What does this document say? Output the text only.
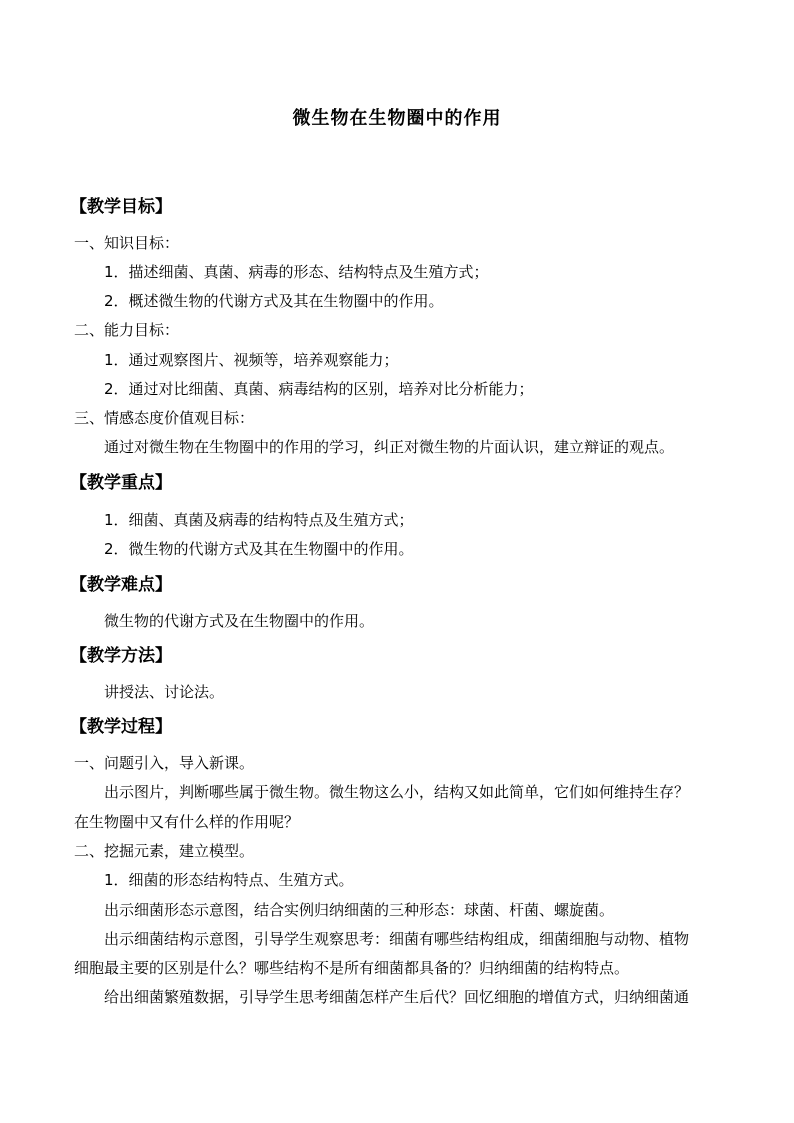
微生物在生物圈中的作用
【教学目标】
一、知识目标：
1．描述细菌、真菌、病毒的形态、结构特点及生殖方式；
2．概述微生物的代谢方式及其在生物圈中的作用。
二、能力目标：
1．通过观察图片、视频等，培养观察能力；
2．通过对比细菌、真菌、病毒结构的区别，培养对比分析能力；
三、情感态度价值观目标：
通过对微生物在生物圈中的作用的学习，纠正对微生物的片面认识，建立辩证的观点。
【教学重点】
1．细菌、真菌及病毒的结构特点及生殖方式；
2．微生物的代谢方式及其在生物圈中的作用。
【教学难点】
微生物的代谢方式及在生物圈中的作用。
【教学方法】
讲授法、讨论法。
【教学过程】
一、问题引入，导入新课。
出示图片，判断哪些属于微生物。微生物这么小，结构又如此简单，它们如何维持生存？
在生物圈中又有什么样的作用呢？
二、挖掘元素，建立模型。
1．细菌的形态结构特点、生殖方式。
出示细菌形态示意图，结合实例归纳细菌的三种形态：球菌、杆菌、螺旋菌。
出示细菌结构示意图，引导学生观察思考：细菌有哪些结构组成，细菌细胞与动物、植物
细胞最主要的区别是什么？哪些结构不是所有细菌都具备的？归纳细菌的结构特点。
给出细菌繁殖数据，引导学生思考细菌怎样产生后代？回忆细胞的增值方式，归纳细菌通
